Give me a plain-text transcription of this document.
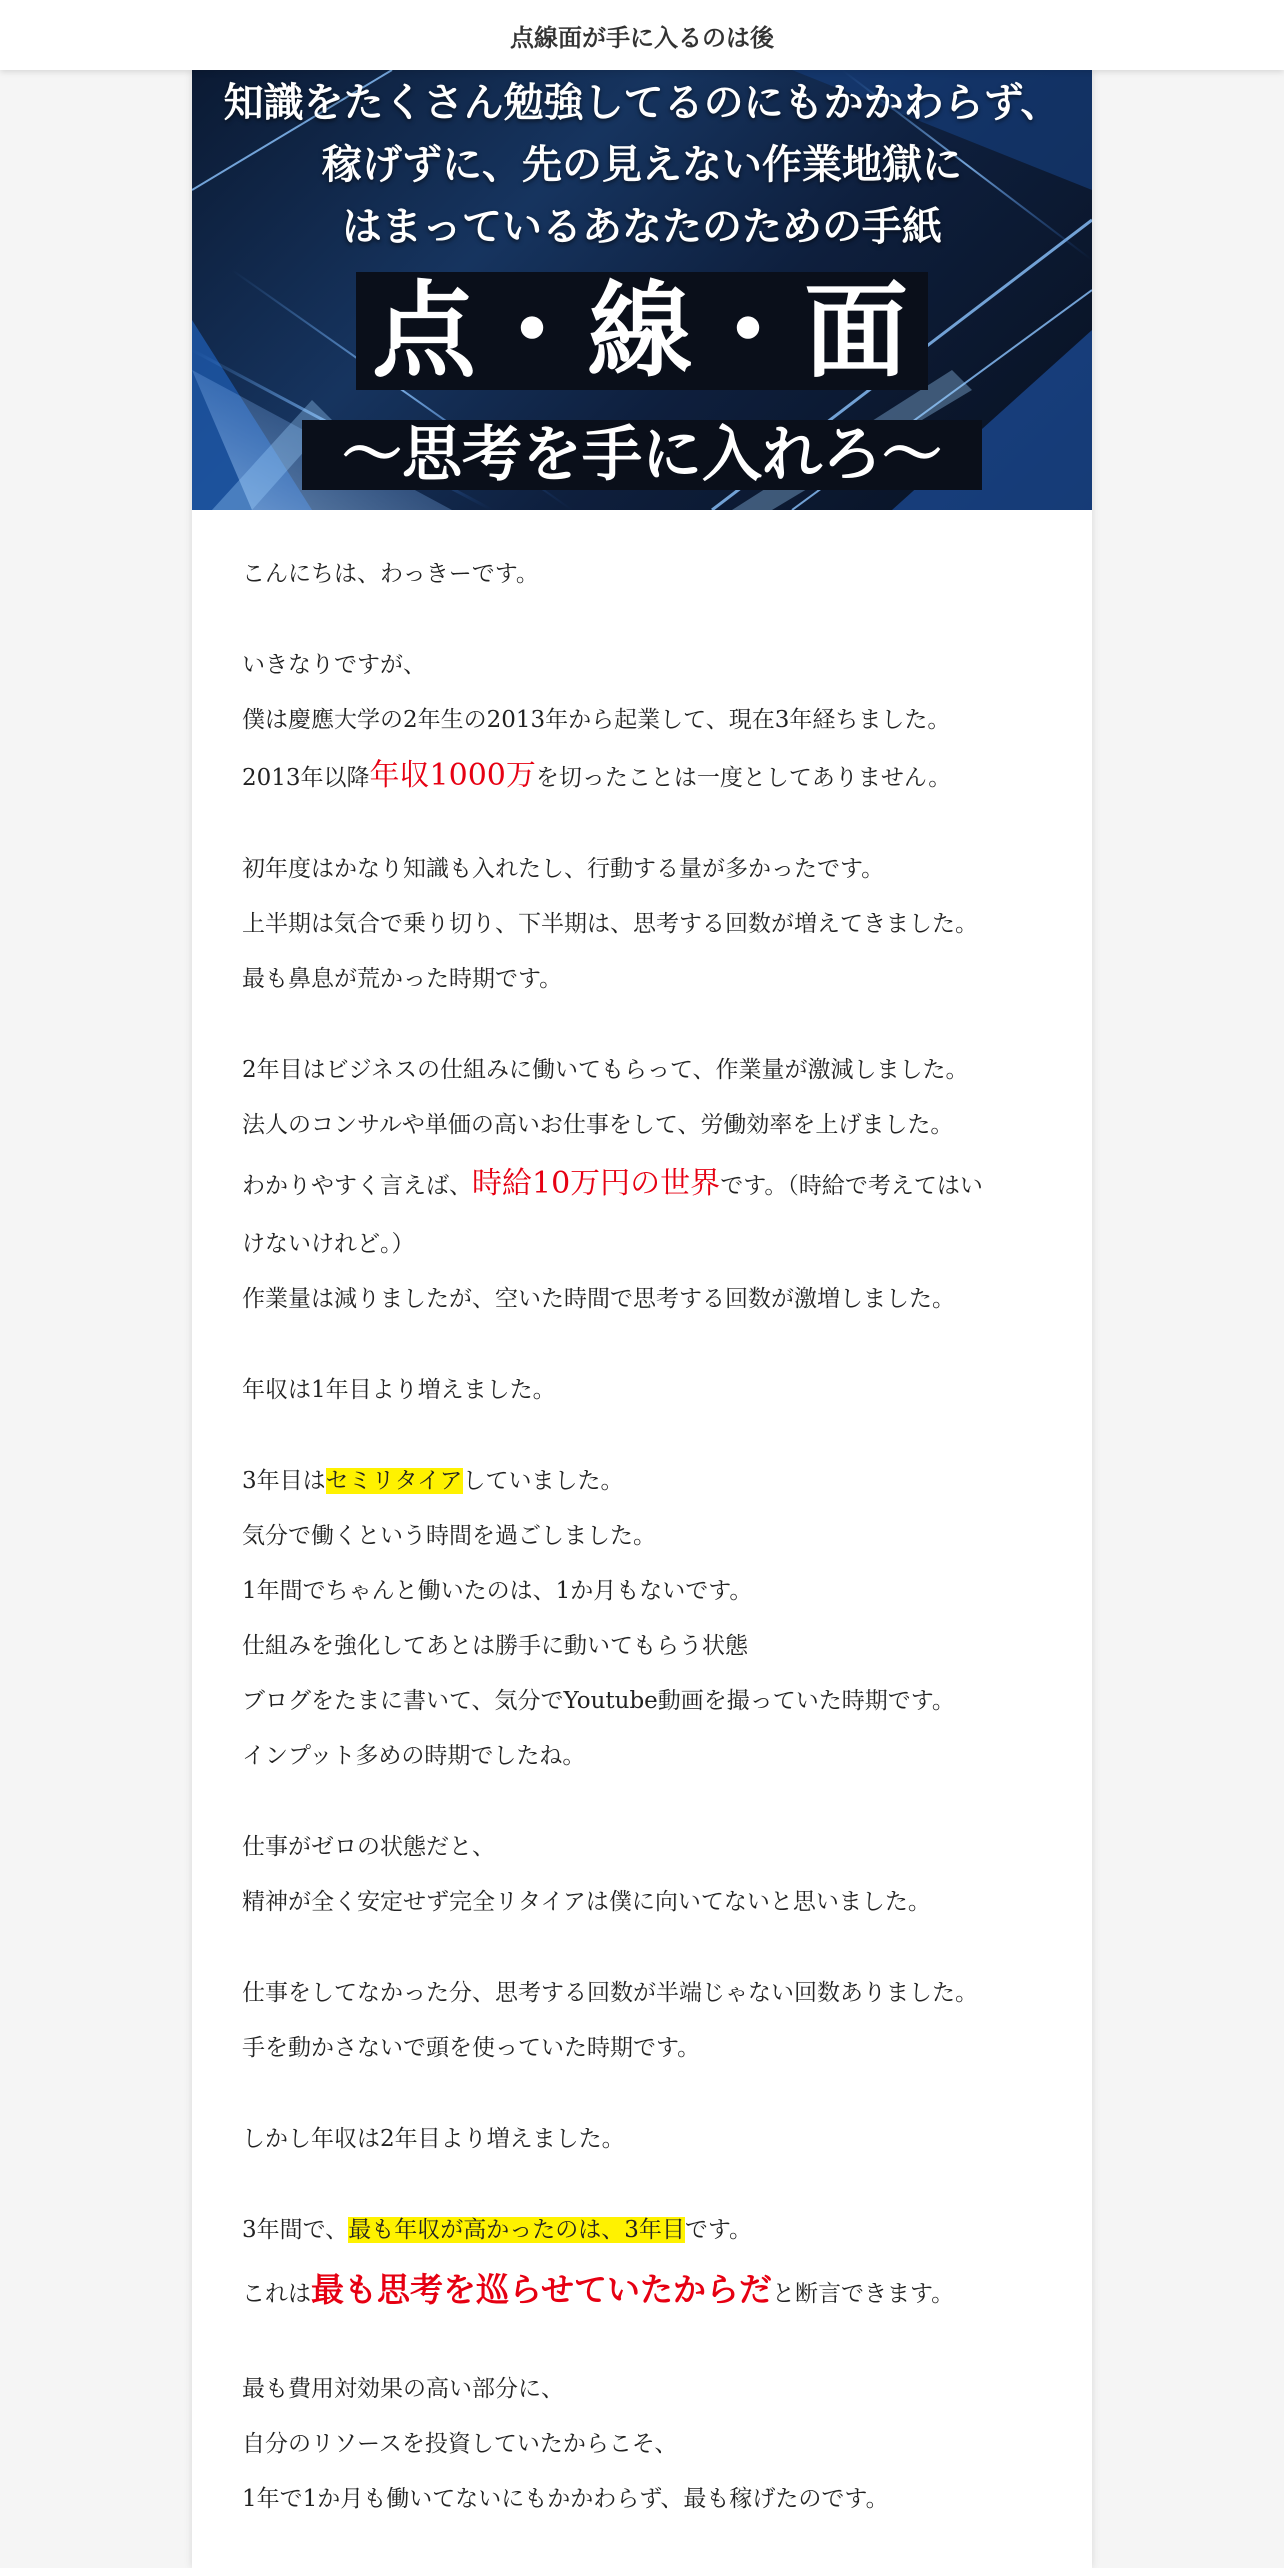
点線面が手に入るのは後
知識をたくさん勉強してるのにもかかわらず、
稼げずに、先の見えない作業地獄に
はまっているあなたのための手紙
点・線・面
〜思考を手に入れろ〜

こんにちは、わっきーです。

いきなりですが、

僕は慶應大学の2年生の2013年から起業して、現在3年経ちました。

2013年以降年収1000万を切ったことは一度としてありません。

初年度はかなり知識も入れたし、行動する量が多かったです。

上半期は気合で乗り切り、下半期は、思考する回数が増えてきました。

最も鼻息が荒かった時期です。

2年目はビジネスの仕組みに働いてもらって、作業量が激減しました。

法人のコンサルや単価の高いお仕事をして、労働効率を上げました。

わかりやすく言えば、時給10万円の世界です。（時給で考えてはい

けないけれど。）

作業量は減りましたが、空いた時間で思考する回数が激増しました。

年収は1年目より増えました。

3年目はセミリタイアしていました。

気分で働くという時間を過ごしました。

1年間でちゃんと働いたのは、1か月もないです。

仕組みを強化してあとは勝手に動いてもらう状態

ブログをたまに書いて、気分でYoutube動画を撮っていた時期です。

インプット多めの時期でしたね。

仕事がゼロの状態だと、

精神が全く安定せず完全リタイアは僕に向いてないと思いました。

仕事をしてなかった分、思考する回数が半端じゃない回数ありました。

手を動かさないで頭を使っていた時期です。

しかし年収は2年目より増えました。

3年間で、最も年収が高かったのは、3年目です。

これは最も思考を巡らせていたからだと断言できます。

最も費用対効果の高い部分に、

自分のリソースを投資していたからこそ、

1年で1か月も働いてないにもかかわらず、最も稼げたのです。
